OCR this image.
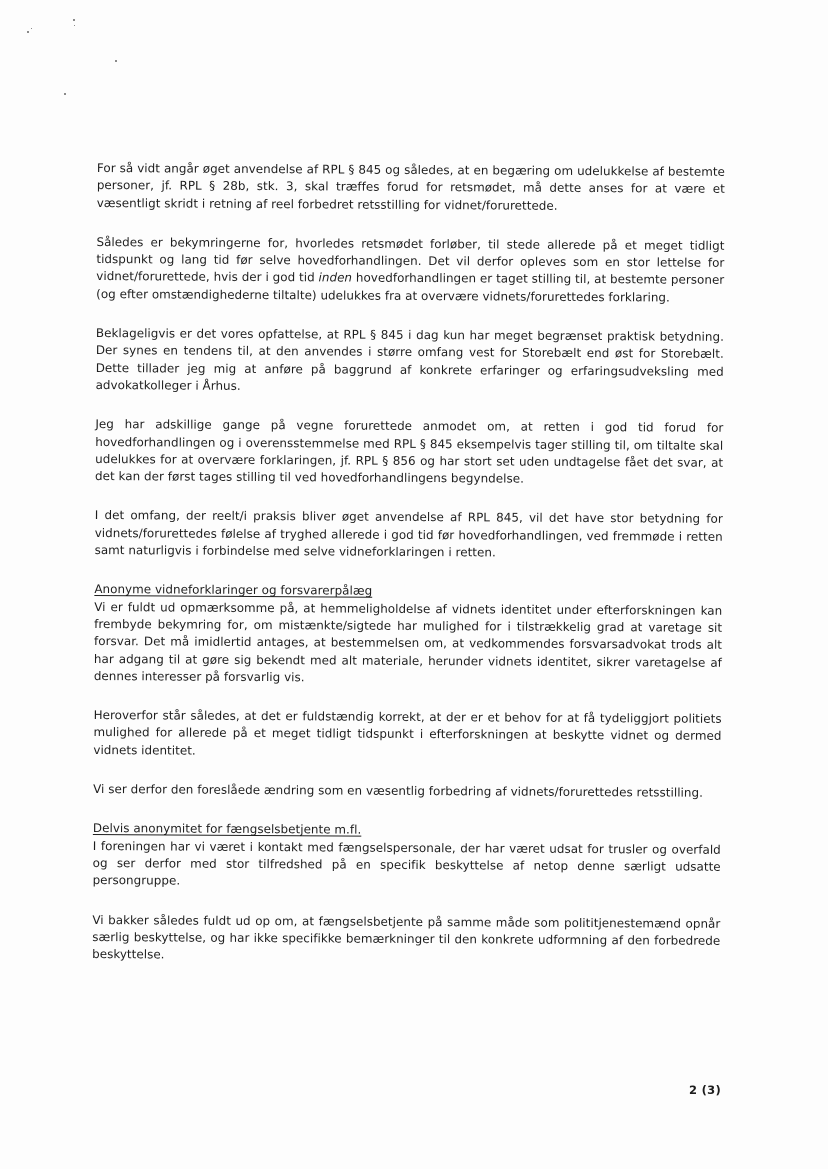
For så vidt angår øget anvendelse af RPL § 845 og således, at en begæring om udelukkelse af bestemte personer, jf. RPL § 28b, stk. 3, skal træffes forud for retsmødet, må dette anses for at være et væsentligt skridt i retning af reel forbedret retsstilling for vidnet/forurettede.

Således er bekymringerne for, hvorledes retsmødet forløber, til stede allerede på et meget tidligt tidspunkt og lang tid før selve hovedforhandlingen. Det vil derfor opleves som en stor lettelse for vidnet/forurettede, hvis der i god tid inden hovedforhandlingen er taget stilling til, at bestemte personer (og efter omstændighederne tiltalte) udelukkes fra at overvære vidnets/forurettedes forklaring.

Beklageligvis er det vores opfattelse, at RPL § 845 i dag kun har meget begrænset praktisk betydning. Der synes en tendens til, at den anvendes i større omfang vest for Storebælt end øst for Storebælt. Dette tillader jeg mig at anføre på baggrund af konkrete erfaringer og erfaringsudveksling med advokatkolleger i Århus.

Jeg har adskillige gange på vegne forurettede anmodet om, at retten i god tid forud for hovedforhandlingen og i overensstemmelse med RPL § 845 eksempelvis tager stilling til, om tiltalte skal udelukkes for at overvære forklaringen, jf. RPL § 856 og har stort set uden undtagelse fået det svar, at det kan der først tages stilling til ved hovedforhandlingens begyndelse.

I det omfang, der reelt/i praksis bliver øget anvendelse af RPL 845, vil det have stor betydning for vidnets/forurettedes følelse af tryghed allerede i god tid før hovedforhandlingen, ved fremmøde i retten samt naturligvis i forbindelse med selve vidneforklaringen i retten.

Anonyme vidneforklaringer og forsvarerpålæg
Vi er fuldt ud opmærksomme på, at hemmeligholdelse af vidnets identitet under efterforskningen kan frembyde bekymring for, om mistænkte/sigtede har mulighed for i tilstrækkelig grad at varetage sit forsvar. Det må imidlertid antages, at bestemmelsen om, at vedkommendes forsvarsadvokat trods alt har adgang til at gøre sig bekendt med alt materiale, herunder vidnets identitet, sikrer varetagelse af dennes interesser på forsvarlig vis.

Heroverfor står således, at det er fuldstændig korrekt, at der er et behov for at få tydeliggjort politiets mulighed for allerede på et meget tidligt tidspunkt i efterforskningen at beskytte vidnet og dermed vidnets identitet.

Vi ser derfor den foreslåede ændring som en væsentlig forbedring af vidnets/forurettedes retsstilling.

Delvis anonymitet for fængselsbetjente m.fl.
I foreningen har vi været i kontakt med fængselspersonale, der har været udsat for trusler og overfald og ser derfor med stor tilfredshed på en specifik beskyttelse af netop denne særligt udsatte persongruppe.

Vi bakker således fuldt ud op om, at fængselsbetjente på samme måde som polititjenestemænd opnår særlig beskyttelse, og har ikke specifikke bemærkninger til den konkrete udformning af den forbedrede beskyttelse.

2 (3)
